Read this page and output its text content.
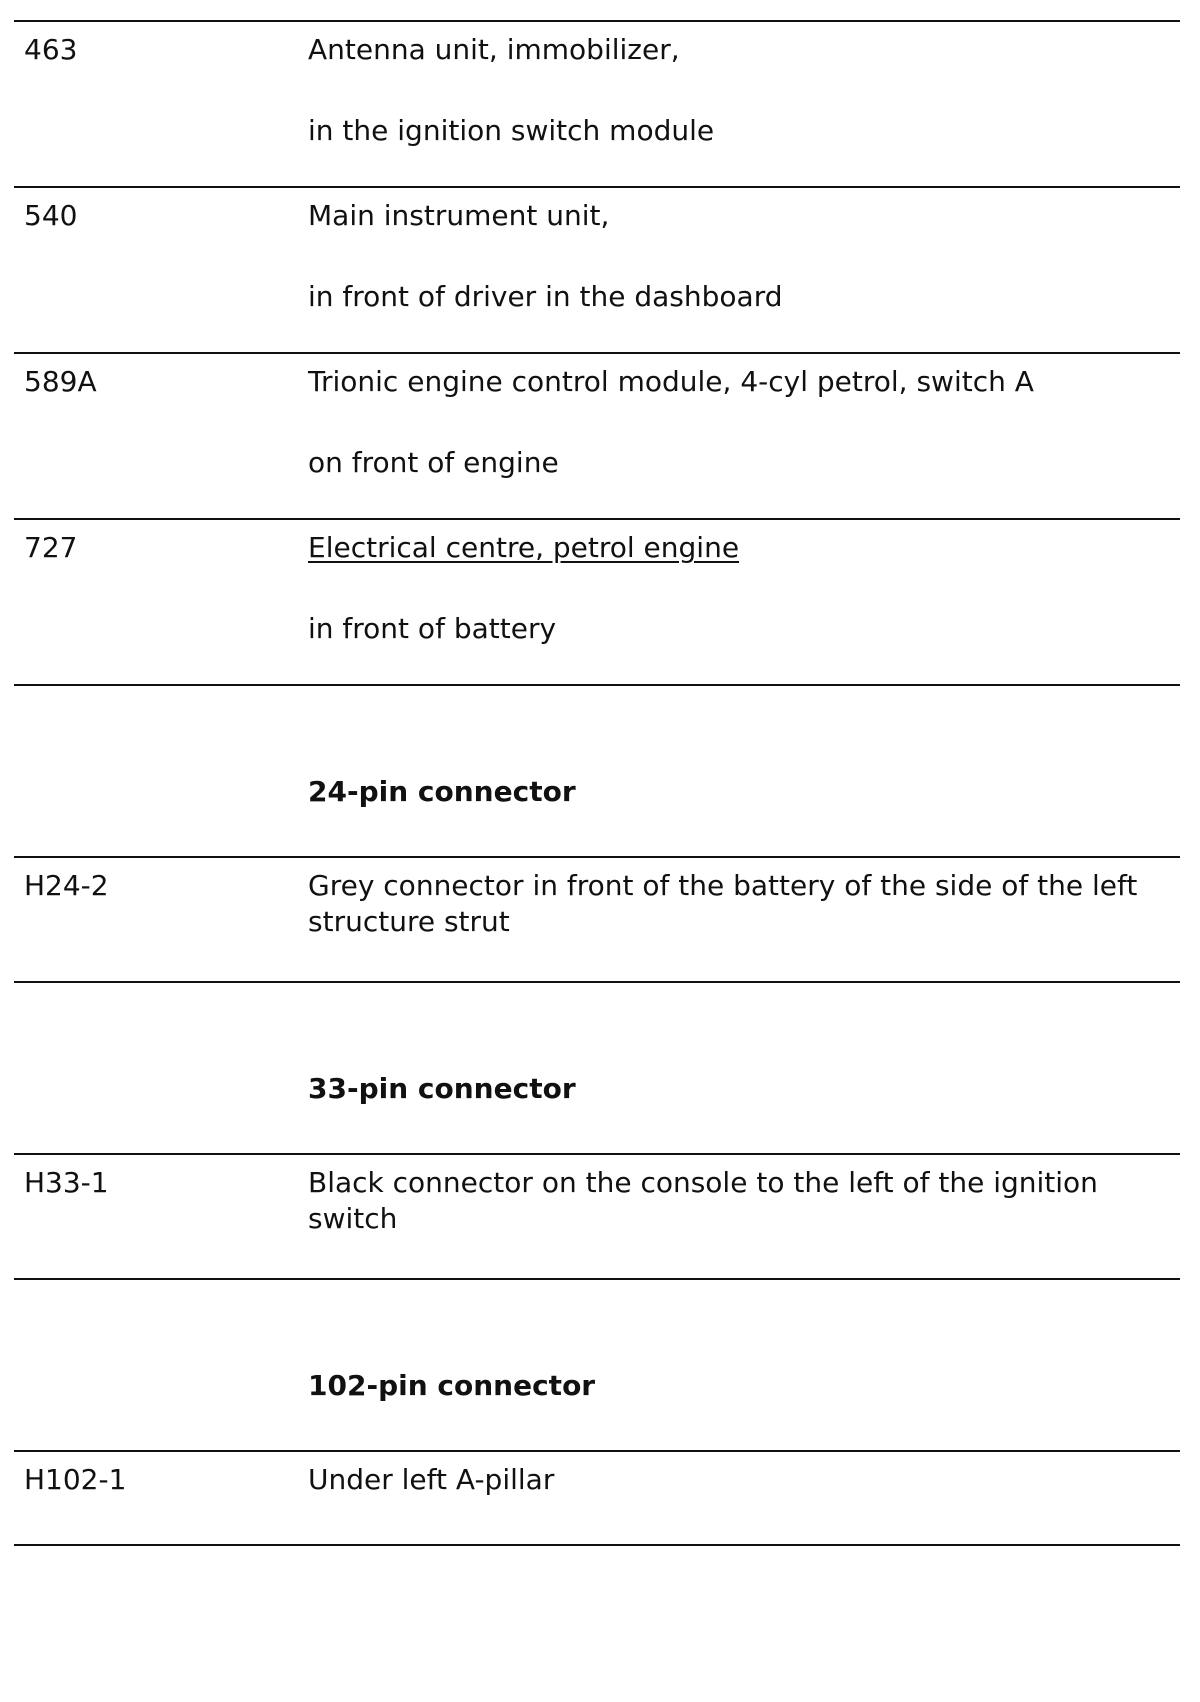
463	Antenna unit, immobilizer,
in the ignition switch module
540	Main instrument unit,
in front of driver in the dashboard
589A	Trionic engine control module, 4-cyl petrol, switch A
on front of engine
727	Electrical centre, petrol engine
in front of battery
24-pin connector
H24-2	Grey connector in front of the battery of the side of the left structure strut
33-pin connector
H33-1	Black connector on the console to the left of the ignition switch
102-pin connector
H102-1	Under left A-pillar
